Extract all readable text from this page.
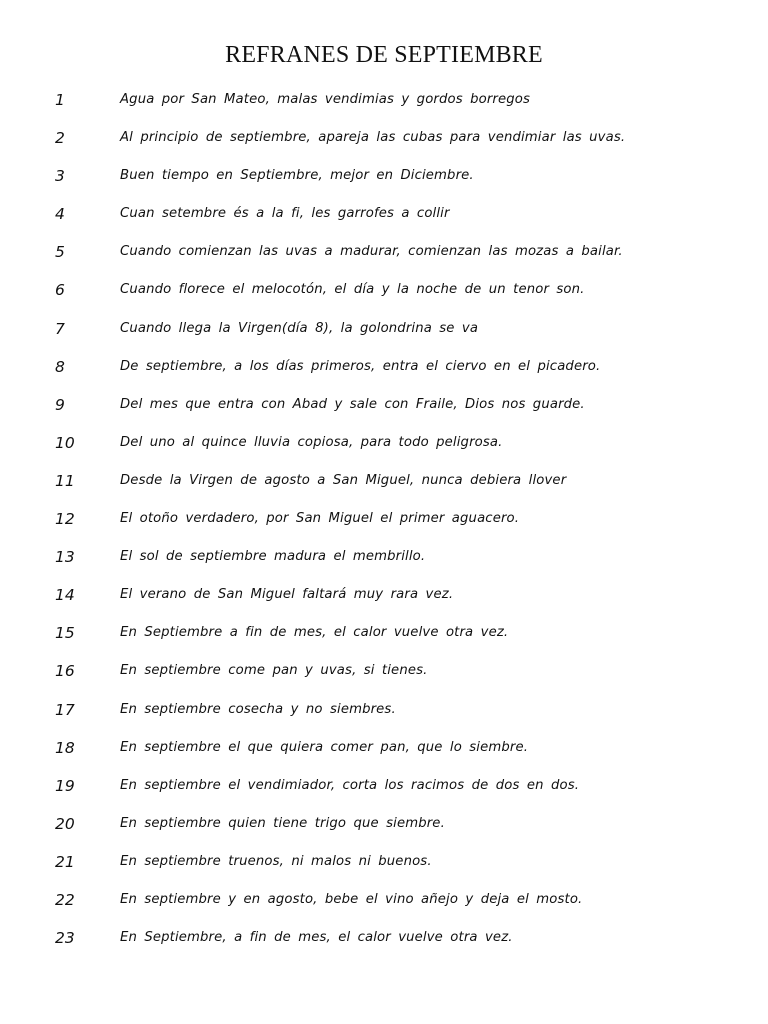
REFRANES DE SEPTIEMBRE
1	Agua por San Mateo, malas vendimias y gordos borregos
2	Al principio de septiembre, apareja las cubas para vendimiar las uvas.
3	Buen tiempo en Septiembre, mejor en Diciembre.
4	Cuan setembre és a la fi, les garrofes a collir
5	Cuando comienzan las uvas a madurar, comienzan las mozas a bailar.
6	Cuando florece el melocotón, el día y la noche de un tenor son.
7	Cuando llega la Virgen(día 8), la golondrina se va
8	De septiembre, a los días primeros, entra el ciervo en el picadero.
9	Del mes que entra con Abad y sale con Fraile, Dios nos guarde.
10	Del uno al quince lluvia copiosa, para todo peligrosa.
11	Desde la Virgen de agosto a San Miguel, nunca debiera llover
12	El otoño verdadero, por San Miguel el primer aguacero.
13	El sol de septiembre madura el membrillo.
14	El verano de San Miguel faltará muy rara vez.
15	En Septiembre a fin de mes, el calor vuelve otra vez.
16	En septiembre come pan y uvas, si tienes.
17	En septiembre cosecha y no siembres.
18	En septiembre el que quiera comer pan, que lo siembre.
19	En septiembre el vendimiador, corta los racimos de dos en dos.
20	En septiembre quien tiene trigo que siembre.
21	En septiembre truenos, ni malos ni buenos.
22	En septiembre y en agosto, bebe el vino añejo y deja el mosto.
23	En Septiembre, a fin de mes, el calor vuelve otra vez.
